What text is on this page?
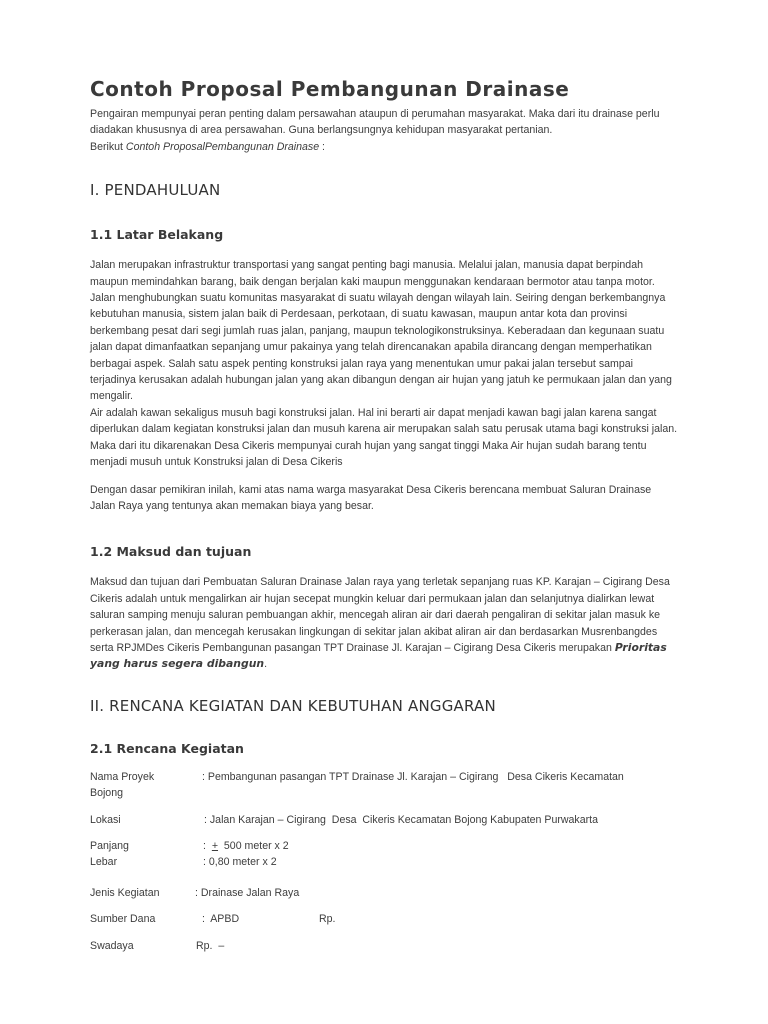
Contoh Proposal Pembangunan Drainase

Pengairan mempunyai peran penting dalam persawahan ataupun di perumahan masyarakat. Maka dari itu drainase perlu diadakan khususnya di area persawahan. Guna berlangsungnya kehidupan masyarakat pertanian.
Berikut Contoh ProposalPembangunan Drainase :

I. PENDAHULUAN
1.1 Latar Belakang

Jalan merupakan infrastruktur transportasi yang sangat penting bagi manusia. Melalui jalan, manusia dapat berpindah maupun memindahkan barang, baik dengan berjalan kaki maupun menggunakan kendaraan bermotor atau tanpa motor. Jalan menghubungkan suatu komunitas masyarakat di suatu wilayah dengan wilayah lain. Seiring dengan berkembangnya kebutuhan manusia, sistem jalan baik di Perdesaan, perkotaan, di suatu kawasan, maupun antar kota dan provinsi berkembang pesat dari segi jumlah ruas jalan, panjang, maupun teknologikonstruksinya. Keberadaan dan kegunaan suatu jalan dapat dimanfaatkan sepanjang umur pakainya yang telah direncanakan apabila dirancang dengan memperhatikan berbagai aspek. Salah satu aspek penting konstruksi jalan raya yang menentukan umur pakai jalan tersebut sampai terjadinya kerusakan adalah hubungan jalan yang akan dibangun dengan air hujan yang jatuh ke permukaan jalan dan yang mengalir.

Air adalah kawan sekaligus musuh bagi konstruksi jalan. Hal ini berarti air dapat menjadi kawan bagi jalan karena sangat diperlukan dalam kegiatan konstruksi jalan dan musuh karena air merupakan salah satu perusak utama bagi konstruksi jalan. Maka dari itu dikarenakan Desa Cikeris mempunyai curah hujan yang sangat tinggi Maka Air hujan sudah barang tentu menjadi musuh untuk Konstruksi jalan di Desa Cikeris

Dengan dasar pemikiran inilah, kami atas nama warga masyarakat Desa Cikeris berencana membuat Saluran Drainase Jalan Raya yang tentunya akan memakan biaya yang besar.

1.2 Maksud dan tujuan

Maksud dan tujuan dari Pembuatan Saluran Drainase Jalan raya yang terletak sepanjang ruas KP. Karajan – Cigirang Desa Cikeris adalah untuk mengalirkan air hujan secepat mungkin keluar dari permukaan jalan dan selanjutnya dialirkan lewat saluran samping menuju saluran pembuangan akhir, mencegah aliran air dari daerah pengaliran di sekitar jalan masuk ke perkerasan jalan, dan mencegah kerusakan lingkungan di sekitar jalan akibat aliran air dan berdasarkan Musrenbangdes serta RPJMDes Cikeris Pembangunan pasangan TPT Drainase Jl. Karajan – Cigirang Desa Cikeris merupakan Prioritas yang harus segera dibangun.

II. RENCANA KEGIATAN DAN KEBUTUHAN ANGGARAN
2.1 Rencana Kegiatan
Nama Proyek	: Pembangunan pasangan TPT Drainase Jl. Karajan – Cigirang   Desa Cikeris Kecamatan
Bojong
Lokasi	: Jalan Karajan – Cigirang  Desa  Cikeris Kecamatan Bojong Kabupaten Purwakarta
Panjang	: + 500 meter x 2
Lebar	: 0,80 meter x 2
Jenis Kegiatan	: Drainase Jalan Raya
Sumber Dana	:  APBD	Rp.
Swadaya	Rp.  –
